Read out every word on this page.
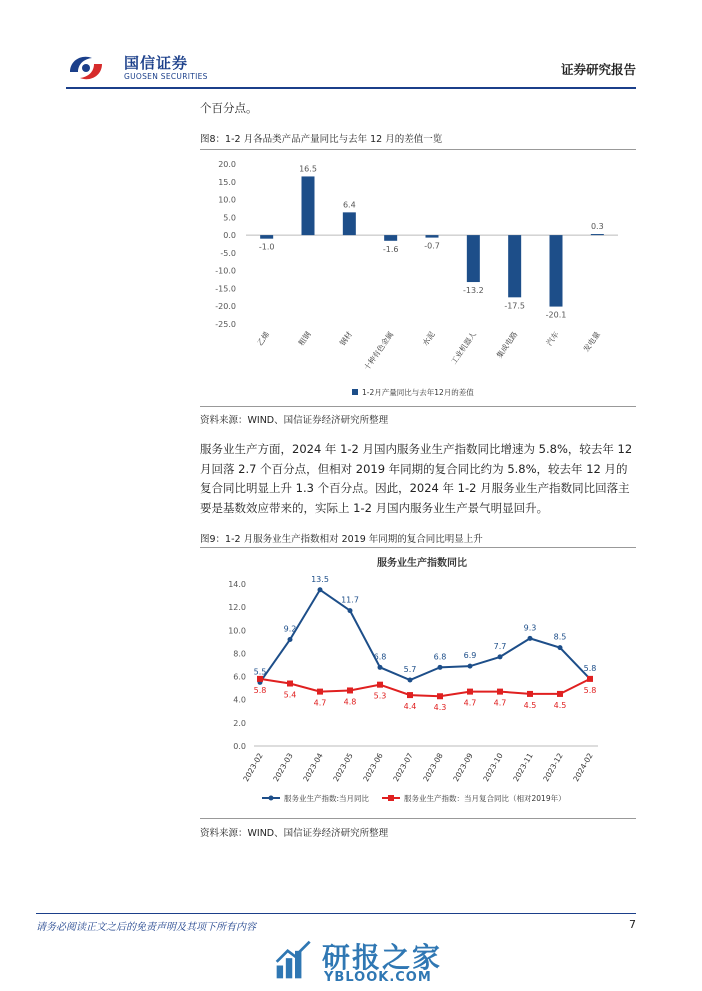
国信证券
GUOSEN SECURITIES	证券研究报告
个百分点。
图8：1-2 月各品类产品产量同比与去年 12 月的差值一览
20.0
15.0
10.0
5.0
0.0
-5.0
-10.0
-15.0
-20.0
-25.0
-1.0
乙烯
16.5
粗钢
6.4
钢材
-1.6
十种有色金属
-0.7
水泥
-13.2
工业机器人
-17.5
集成电路
-20.1
汽车
0.3
发电量
1-2月产量同比与去年12月的差值
资料来源：WIND、国信证券经济研究所整理
服务业生产方面，2024 年 1-2 月国内服务业生产指数同比增速为 5.8%，较去年 12 月回落 2.7 个百分点，但相对 2019 年同期的复合同比约为 5.8%，较去年 12 月的复合同比明显上升 1.3 个百分点。因此，2024 年 1-2 月服务业生产指数同比回落主要是基数效应带来的，实际上 1-2 月国内服务业生产景气明显回升。
图9：1-2 月服务业生产指数相对 2019 年同期的复合同比明显上升
服务业生产指数同比
14.0
12.0
10.0
8.0
6.0
4.0
2.0
0.0
2023-02 2023-03 2023-04 2023-05 2023-06 2023-07 2023-08 2023-09 2023-10 2023-11 2023-12 2024-02
5.5
9.2
13.5
11.7
6.8
5.7
6.8 6.9
7.7
9.3
8.5
5.8
5.8
5.4
4.7 4.8
5.3
4.4 4.3
4.7 4.7 4.5 4.5
5.8
服务业生产指数:当月同比	服务业生产指数：当月复合同比（相对2019年）
资料来源：WIND、国信证券经济研究所整理
请务必阅读正文之后的免责声明及其项下所有内容	7
研报之家
YBLOOK.COM
